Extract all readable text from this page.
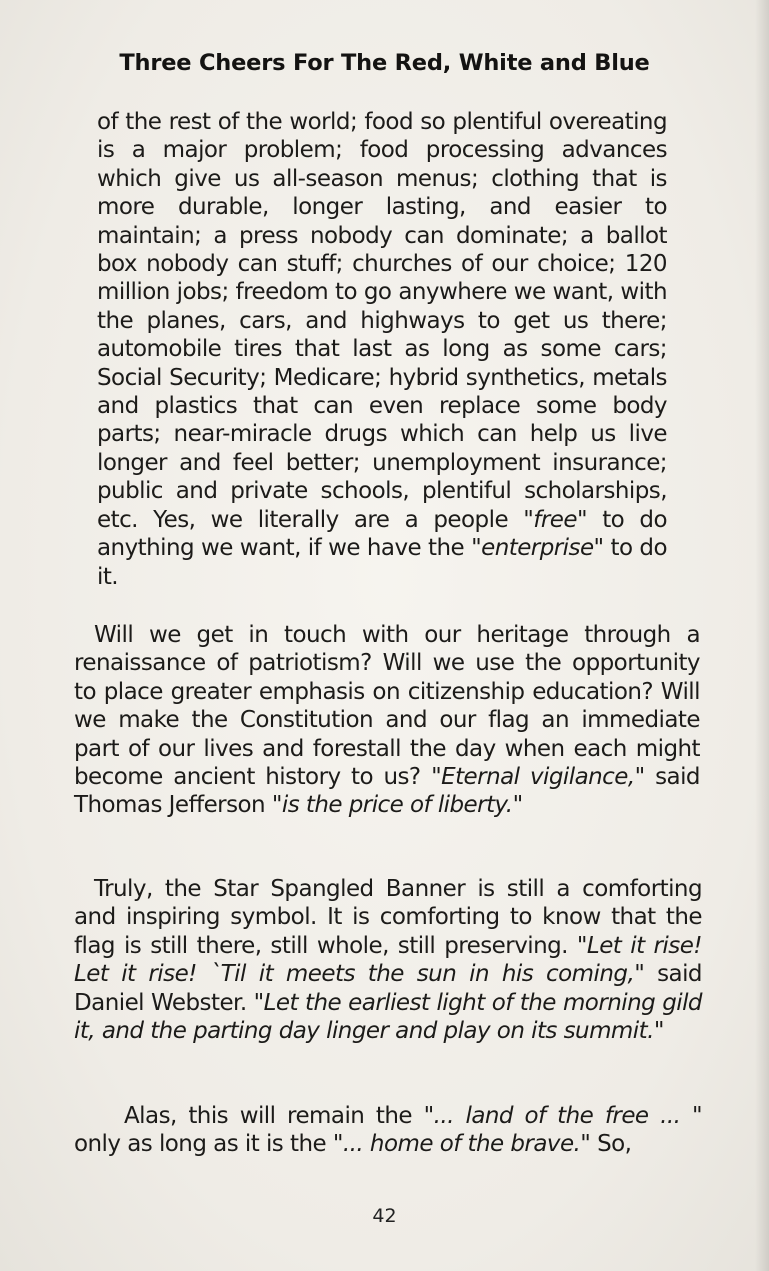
Three Cheers For The Red, White and Blue

of the rest of the world; food so plentiful overeating is a major problem; food processing advances which give us all-season menus; clothing that is more durable, longer lasting, and easier to maintain; a press nobody can dominate; a ballot box nobody can stuff; churches of our choice; 120 million jobs; freedom to go anywhere we want, with the planes, cars, and highways to get us there; automobile tires that last as long as some cars; Social Security; Medicare; hybrid synthetics, metals and plastics that can even replace some body parts; near-miracle drugs which can help us live longer and feel better; unemployment insurance; public and private schools, plentiful scholarships, etc. Yes, we literally are a people "free" to do anything we want, if we have the "enterprise" to do it.

Will we get in touch with our heritage through a renaissance of patriotism? Will we use the opportunity to place greater emphasis on citizenship education? Will we make the Constitution and our flag an immediate part of our lives and forestall the day when each might become ancient history to us? "Eternal vigilance," said Thomas Jefferson "is the price of liberty."

Truly, the Star Spangled Banner is still a comforting and inspiring symbol. It is comforting to know that the flag is still there, still whole, still preserving. "Let it rise! Let it rise! `Til it meets the sun in his coming," said Daniel Webster. "Let the earliest light of the morning gild it, and the parting day linger and play on its summit."

Alas, this will remain the "... land of the free ... " only as long as it is the "... home of the brave." So,

42
